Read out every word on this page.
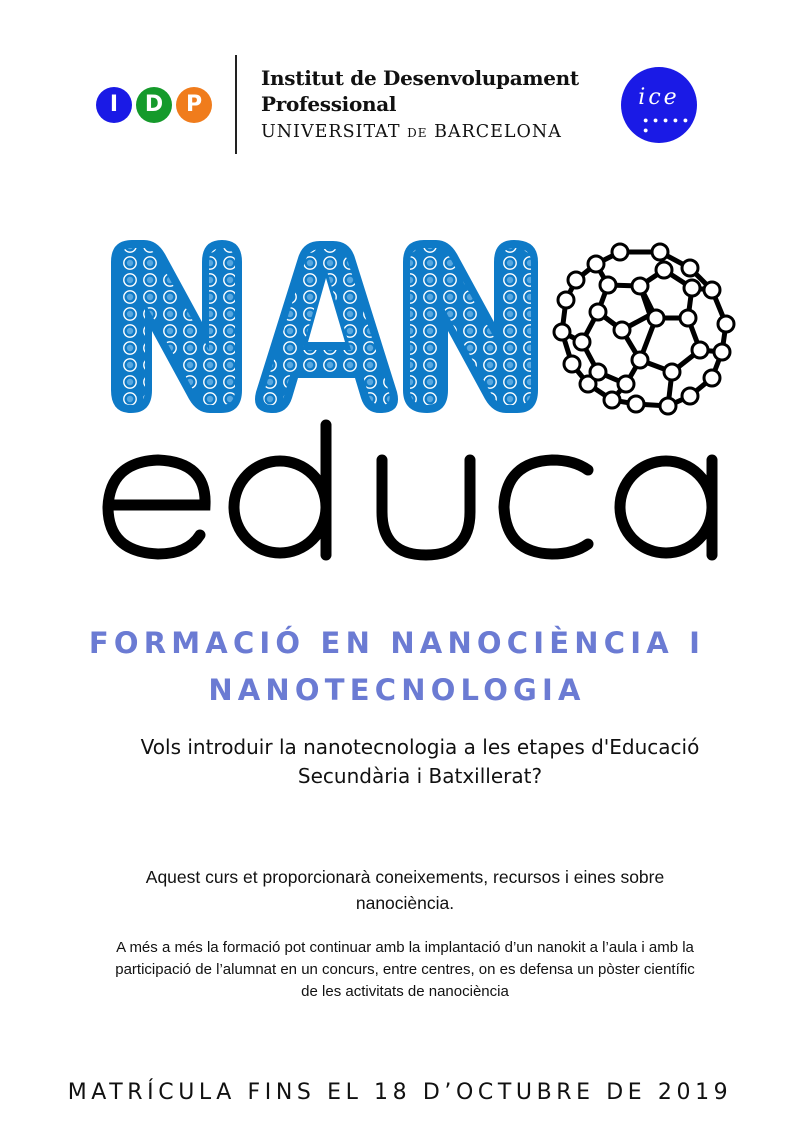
I	D	P
Institut de Desenvolupament
Professional
UNIVERSITAT DE BARCELONA
ice
● ● ● ● ● ●
FORMACIÓ EN NANOCIÈNCIA I
NANOTECNOLOGIA
Vols introduir la nanotecnologia a les etapes d'Educació
Secundària i Batxillerat?
Aquest curs et proporcionarà coneixements, recursos i eines sobre
nanociència.
A més a més la formació pot continuar amb la implantació d’un nanokit a l’aula i amb la
participació de l’alumnat en un concurs, entre centres, on es defensa un pòster científic
de les activitats de nanociència
MATRÍCULA FINS EL 18 D’OCTUBRE DE 2019
